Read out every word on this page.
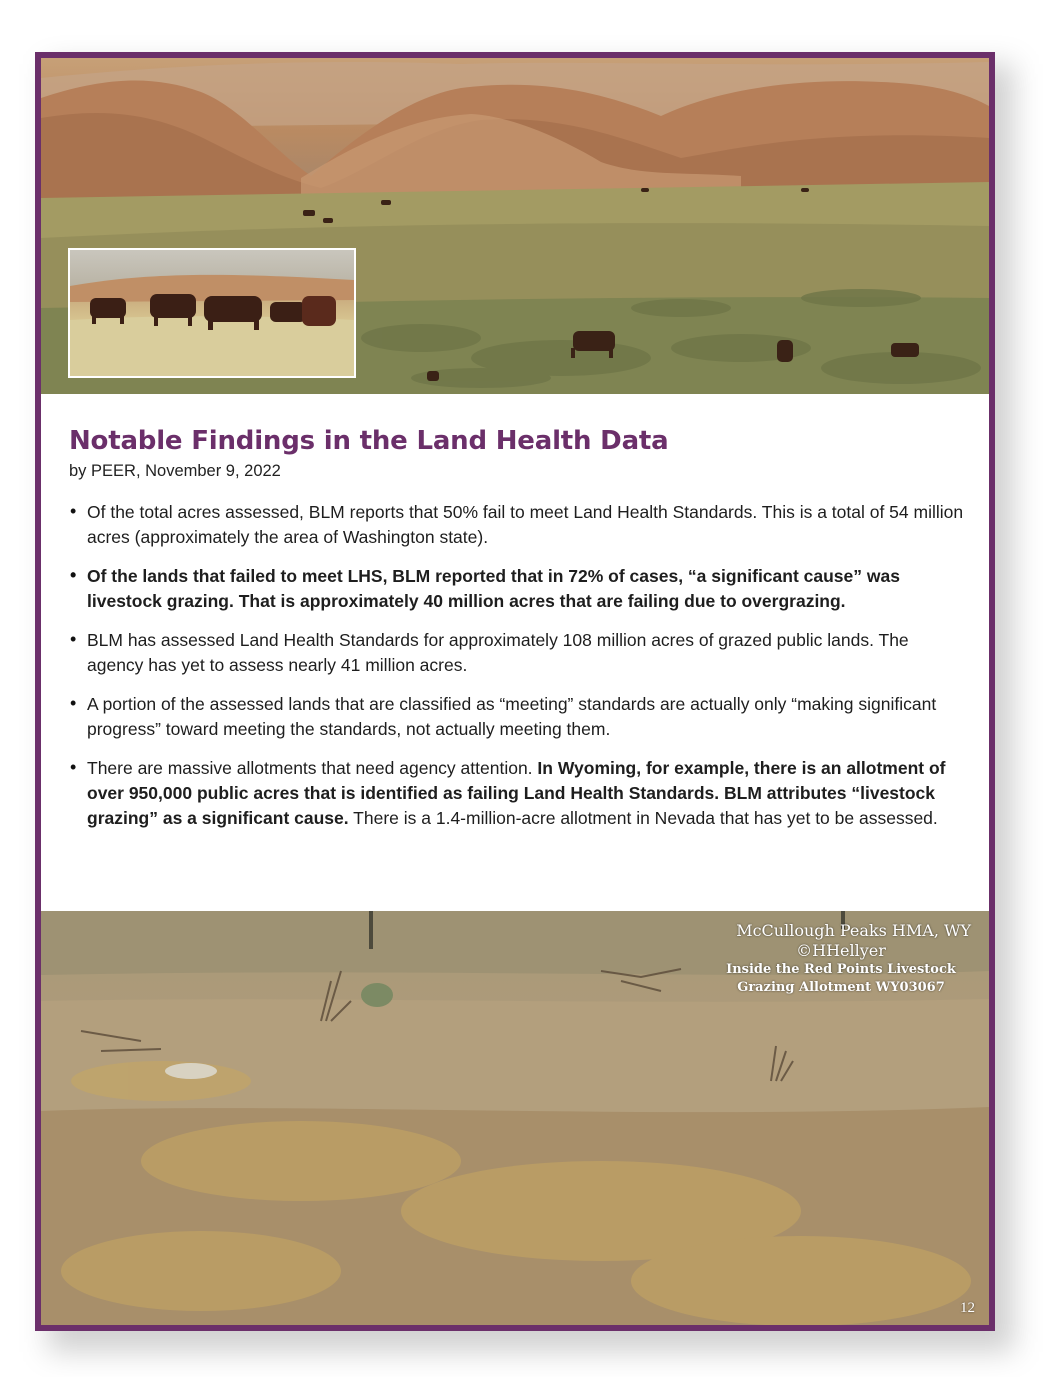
Notable Findings in the Land Health Data
by PEER, November 9, 2022
• Of the total acres assessed, BLM reports that 50% fail to meet Land Health Standards. This is a total of 54 million acres (approximately the area of Washington state).
• Of the lands that failed to meet LHS, BLM reported that in 72% of cases, “a significant cause” was livestock grazing. That is approximately 40 million acres that are failing due to overgrazing.
• BLM has assessed Land Health Standards for approximately 108 million acres of grazed public lands. The agency has yet to assess nearly 41 million acres.
• A portion of the assessed lands that are classified as “meeting” standards are actually only “making significant progress” toward meeting the standards, not actually meeting them.
• There are massive allotments that need agency attention. In Wyoming, for example, there is an allotment of over 950,000 public acres that is identified as failing Land Health Standards. BLM attributes “livestock grazing” as a significant cause. There is a 1.4-million-acre allotment in Nevada that has yet to be assessed.
McCullough Peaks HMA, WY
©HHellyer
Inside the Red Points Livestock Grazing Allotment WY03067
12
